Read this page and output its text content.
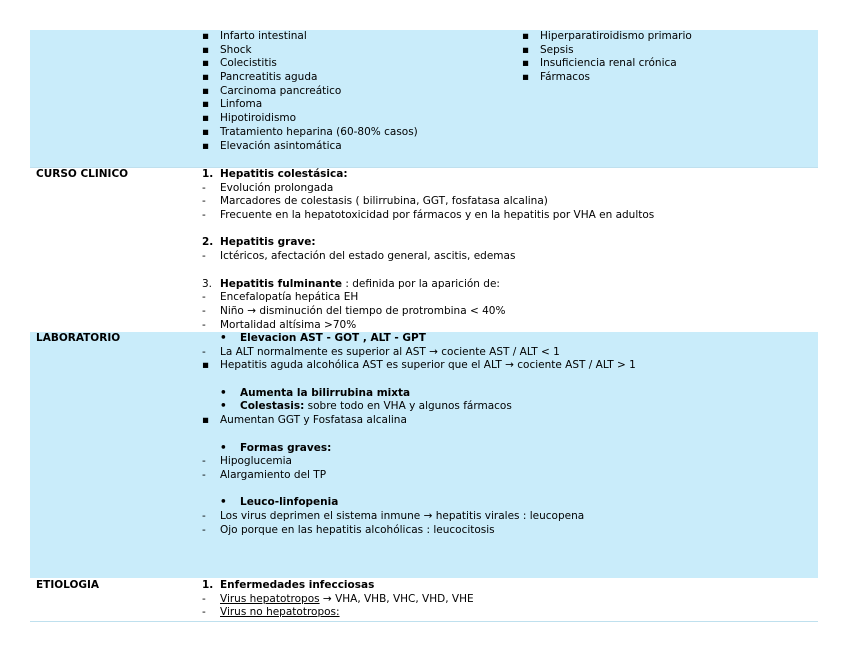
▪ Infarto intestinal
▪ Shock
▪ Colecistitis
▪ Pancreatitis aguda
▪ Carcinoma pancreático
▪ Linfoma
▪ Hipotiroidismo
▪ Tratamiento heparina (60-80% casos)
▪ Elevación asintomática
▪ Hiperparatiroidismo primario
▪ Sepsis
▪ Insuficiencia renal crónica
▪ Fármacos
CURSO CLINICO	1. Hepatitis colestásica:
- Evolución prolongada
- Marcadores de colestasis ( bilirrubina, GGT, fosfatasa alcalina)
- Frecuente en la hepatotoxicidad por fármacos y en la hepatitis por VHA en adultos
2. Hepatitis grave:
- Ictéricos, afectación del estado general, ascitis, edemas
3. Hepatitis fulminante : definida por la aparición de:
- Encefalopatía hepática EH
- Niño → disminución del tiempo de protrombina < 40%
- Mortalidad altísima >70%
LABORATORIO	• Elevacion AST - GOT , ALT - GPT
- La ALT normalmente es superior al AST → cociente AST / ALT < 1
▪ Hepatitis aguda alcohólica AST es superior que el ALT → cociente AST / ALT > 1
• Aumenta la bilirrubina mixta
• Colestasis: sobre todo en VHA y algunos fármacos
▪ Aumentan GGT y Fosfatasa alcalina
• Formas graves:
- Hipoglucemia
- Alargamiento del TP
• Leuco-linfopenia
- Los virus deprimen el sistema inmune → hepatitis virales : leucopena
- Ojo porque en las hepatitis alcohólicas : leucocitosis
ETIOLOGIA	1. Enfermedades infecciosas
- Virus hepatotropos → VHA, VHB, VHC, VHD, VHE
- Virus no hepatotropos:
